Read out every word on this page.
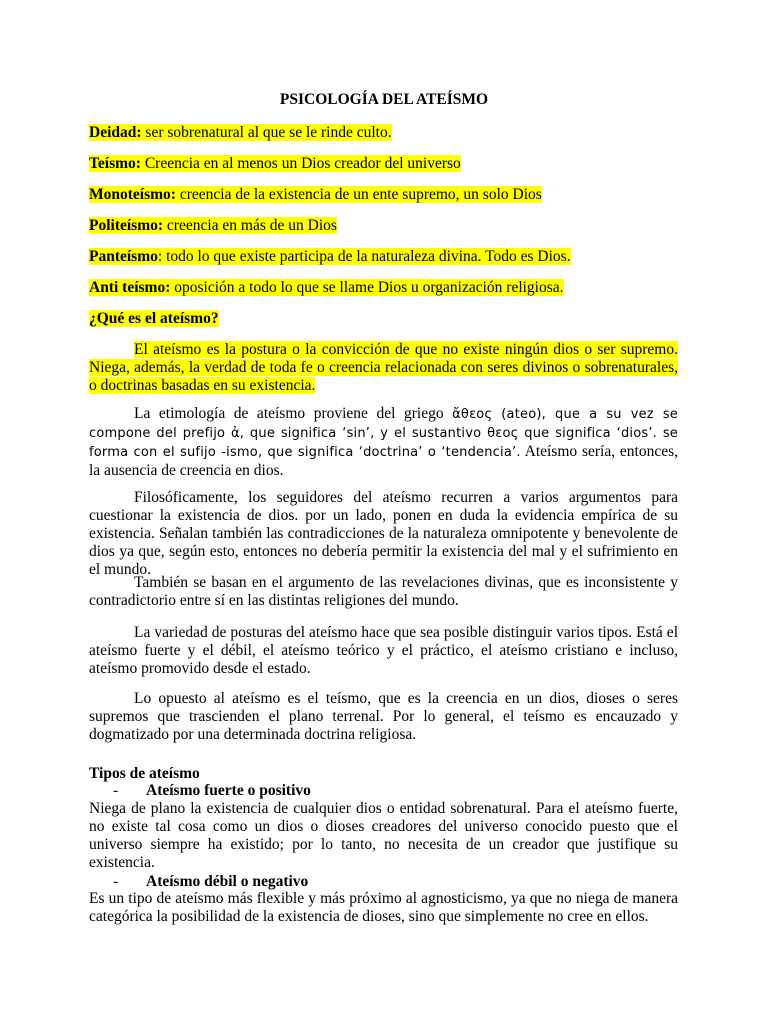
PSICOLOGÍA DEL ATEÍSMO
Deidad: ser sobrenatural al que se le rinde culto.
Teísmo: Creencia en al menos un Dios creador del universo
Monoteísmo: creencia de la existencia de un ente supremo, un solo Dios
Politeísmo: creencia en más de un Dios
Panteísmo: todo lo que existe participa de la naturaleza divina. Todo es Dios.
Anti teísmo: oposición a todo lo que se llame Dios u organización religiosa.
¿Qué es el ateísmo?
El ateísmo es la postura o la convicción de que no existe ningún dios o ser supremo. Niega, además, la verdad de toda fe o creencia relacionada con seres divinos o sobrenaturales, o doctrinas basadas en su existencia.
La etimología de ateísmo proviene del griego ἄθεος (ateo), que a su vez se compone del prefijo ἀ, que significa ‘sin’, y el sustantivo θεος que significa ‘dios’. se forma con el sufijo -ismo, que significa ‘doctrina’ o ‘tendencia’. Ateísmo sería, entonces, la ausencia de creencia en dios.
Filosóficamente, los seguidores del ateísmo recurren a varios argumentos para cuestionar la existencia de dios. por un lado, ponen en duda la evidencia empírica de su existencia. Señalan también las contradicciones de la naturaleza omnipotente y benevolente de dios ya que, según esto, entonces no debería permitir la existencia del mal y el sufrimiento en el mundo.
También se basan en el argumento de las revelaciones divinas, que es inconsistente y contradictorio entre sí en las distintas religiones del mundo.
La variedad de posturas del ateísmo hace que sea posible distinguir varios tipos. Está el ateísmo fuerte y el débil, el ateísmo teórico y el práctico, el ateísmo cristiano e incluso, ateísmo promovido desde el estado.
Lo opuesto al ateísmo es el teísmo, que es la creencia en un dios, dioses o seres supremos que trascienden el plano terrenal. Por lo general, el teísmo es encauzado y dogmatizado por una determinada doctrina religiosa.
Tipos de ateísmo
- Ateísmo fuerte o positivo
Niega de plano la existencia de cualquier dios o entidad sobrenatural. Para el ateísmo fuerte, no existe tal cosa como un dios o dioses creadores del universo conocido puesto que el universo siempre ha existido; por lo tanto, no necesita de un creador que justifique su existencia.
- Ateísmo débil o negativo
Es un tipo de ateísmo más flexible y más próximo al agnosticismo, ya que no niega de manera categórica la posibilidad de la existencia de dioses, sino que simplemente no cree en ellos.
